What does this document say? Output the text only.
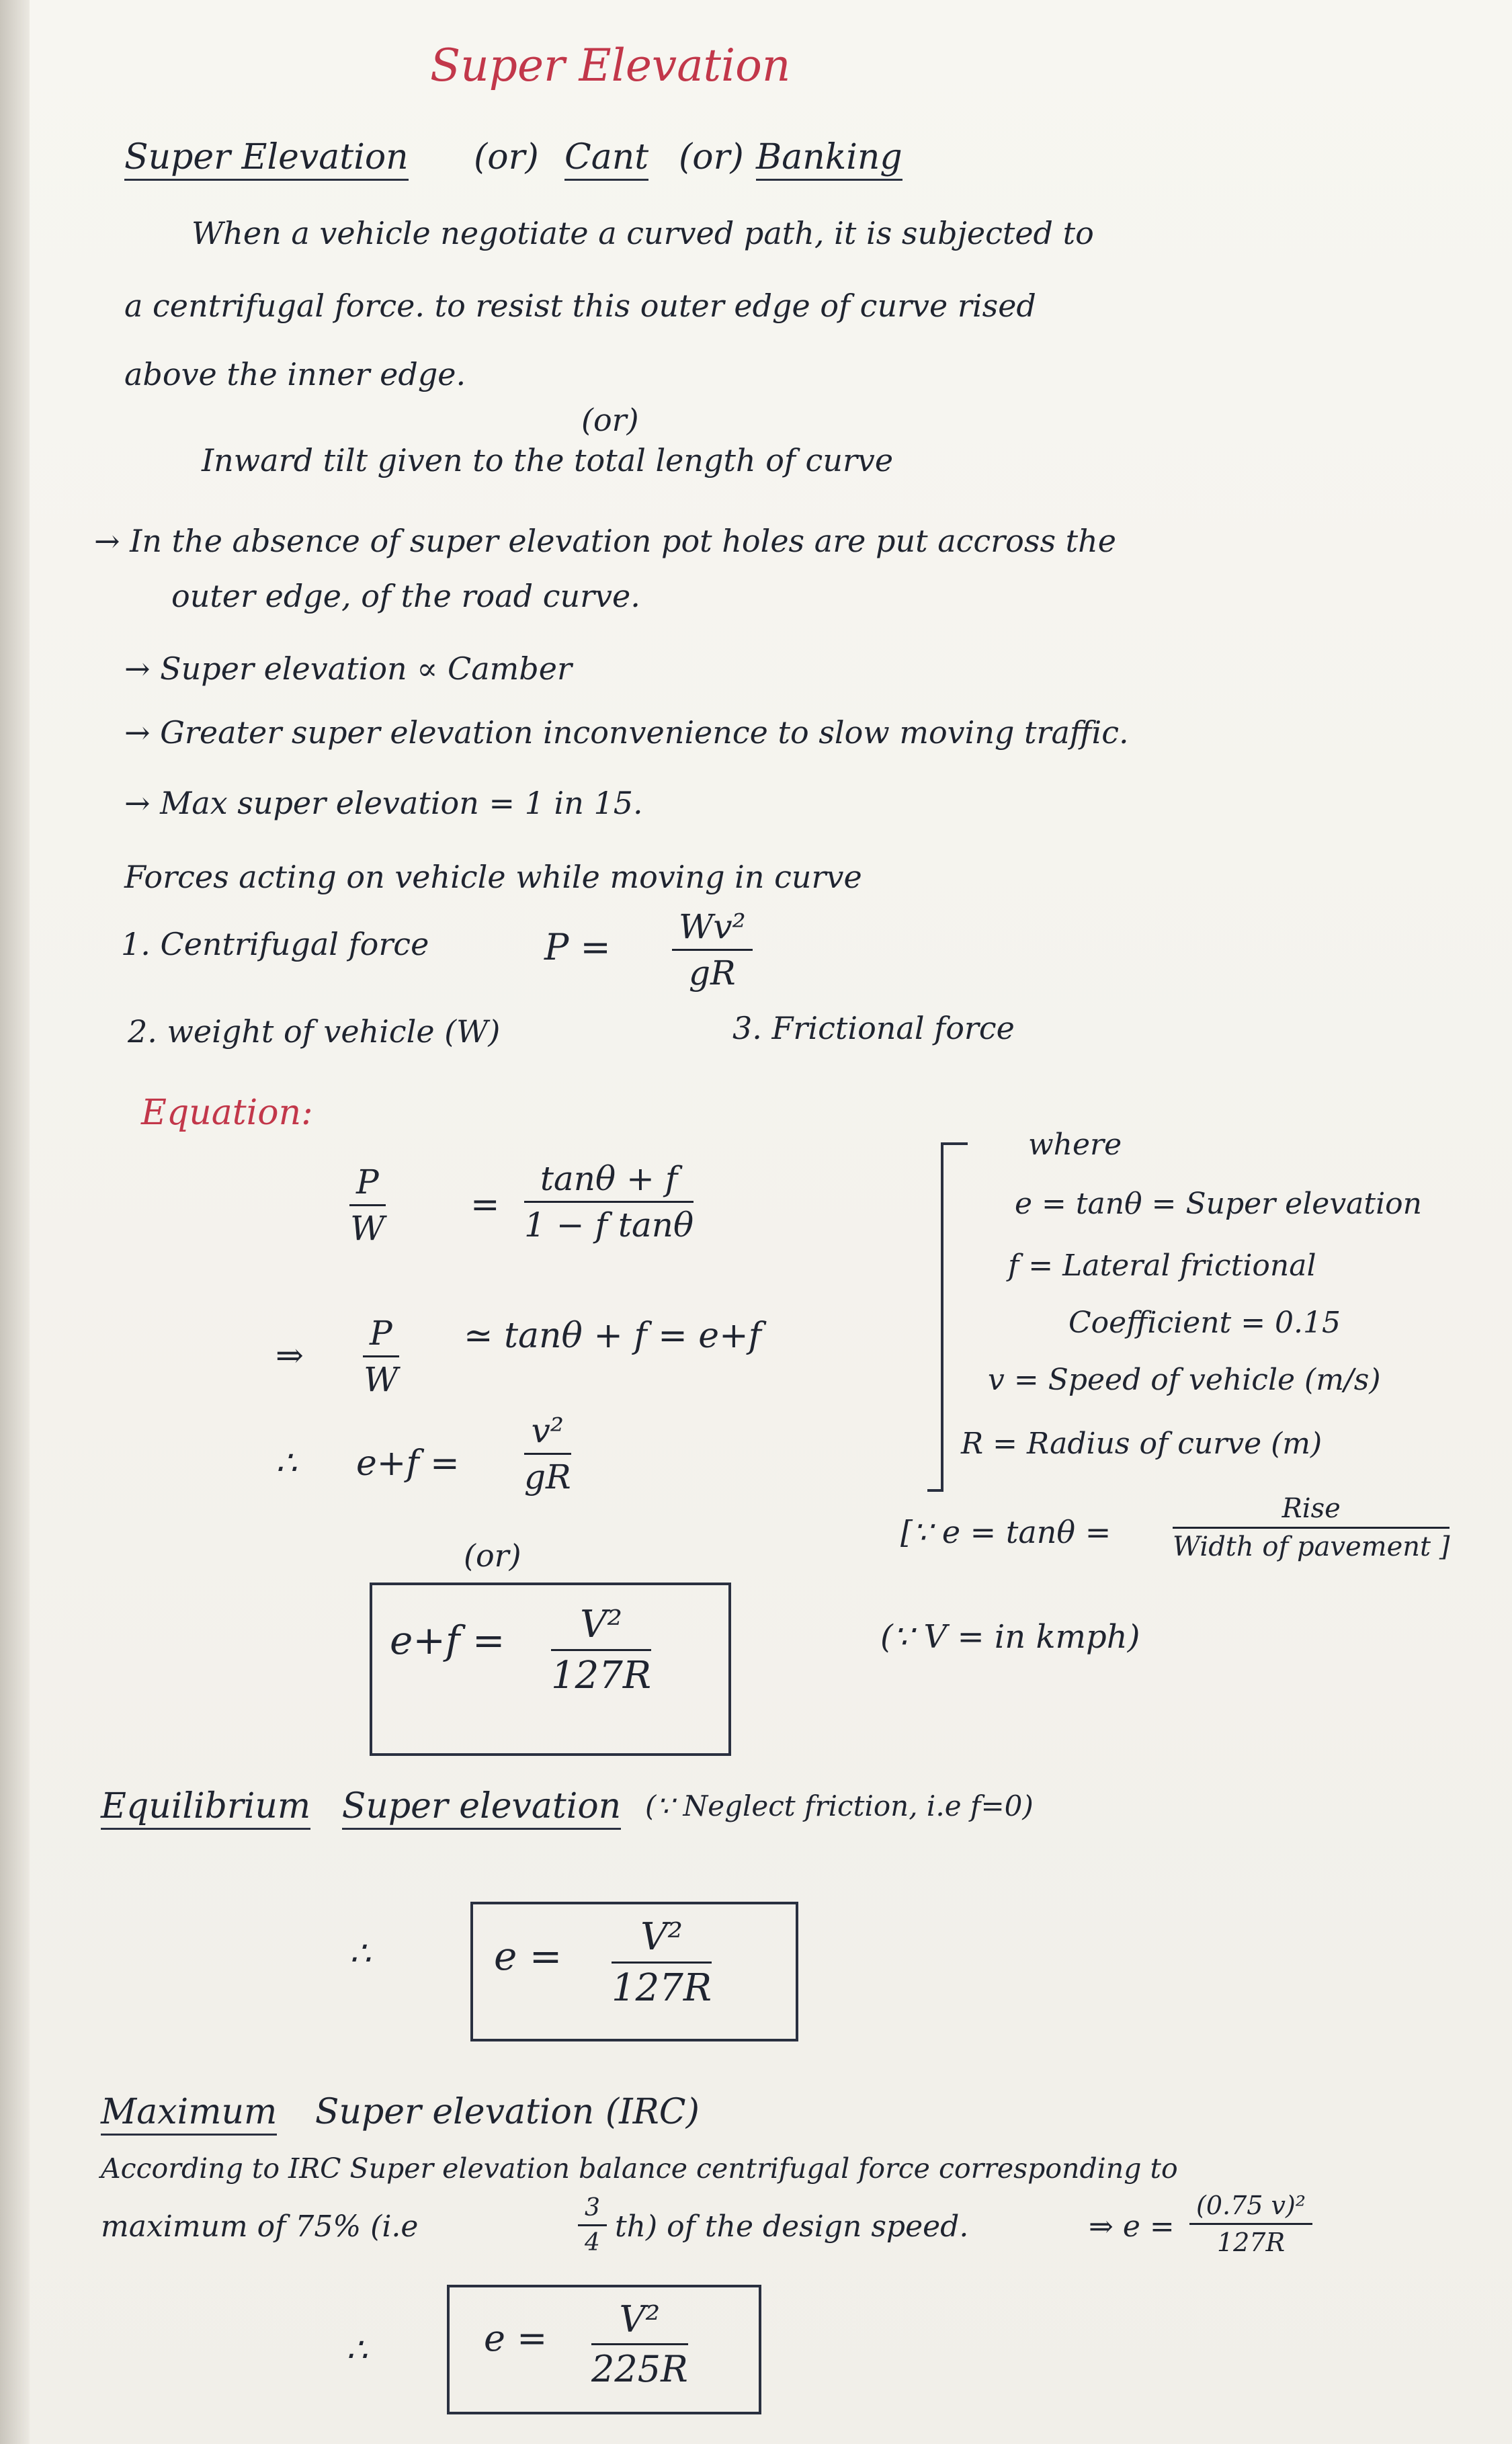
Super Elevation
Super Elevation (or) Cant (or) Banking
When a vehicle negotiate a curved path, it is subjected to
a centrifugal force. to resist this outer edge of curve rised
above the inner edge.
(or)
Inward tilt given to the total length of curve
→ In the absence of super elevation pot holes are put accross the
outer edge, of the road curve.
→ Super elevation ∝ Camber
→ Greater super elevation inconvenience to slow moving traffic.
→ Max super elevation = 1 in 15.
Forces acting on vehicle while moving in curve
1. Centrifugal force	$P = \frac{\text{Wv²}}{gR}$
2. weight of vehicle (W)	3. Frictional force
Equation:
$\frac{P}{W} = \frac{\tan\theta + f}{\text{1 − f tanθ}}$
⇒ $\frac{P}{W}$ ≃ tanθ + f = e+f
∴ $e+f = \frac{\text{v²}}{gR}$
(or)
$e+f = \frac{\text{V²}}{127R}$
where
e = tanθ = Super elevation
f = Lateral frictional
Coefficient = 0.15
v = Speed of vehicle (m/s)
R = Radius of curve (m)
[∵ e = tanθ =
Rise
Width of pavement ]
(∵ V = in kmph)
Equilibrium Super elevation (∵ Neglect friction, i.e f=0)
∴	$e = \frac{\text{V²}}{127R}$
Maximum Super elevation (IRC)
According to IRC Super elevation balance centrifugal force corresponding to
maximum of 75% (i.e	$\frac{3}{4} th$) of the design speed.	⇒ $e = \frac{\text{(0.75 v)²}}{127R}$
∴	$e = \frac{\text{V²}}{225R}$
